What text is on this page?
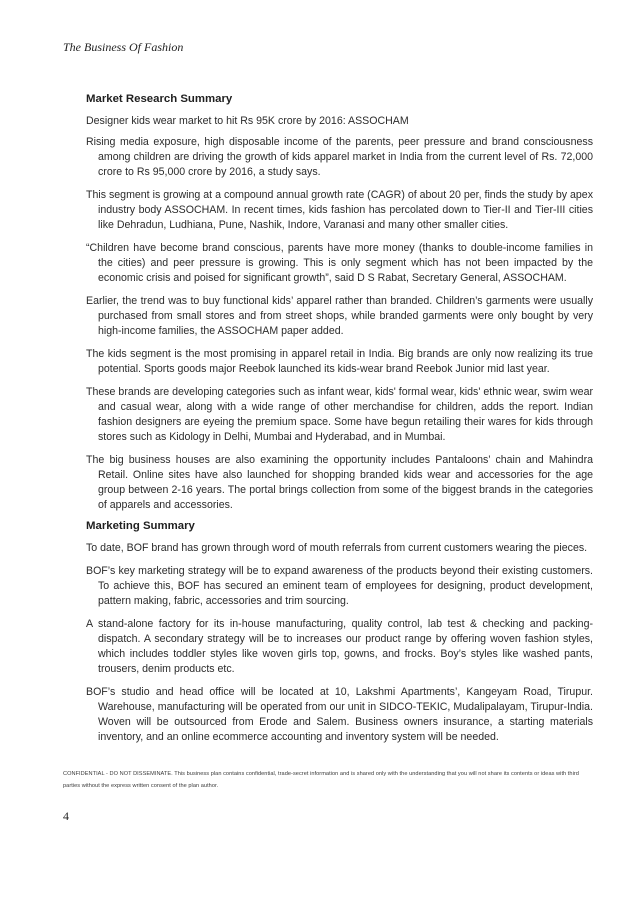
The Business Of Fashion
Market Research Summary

Designer kids wear market to hit Rs 95K crore by 2016: ASSOCHAM

Rising media exposure, high disposable income of the parents, peer pressure and brand consciousness among children are driving the growth of kids apparel market in India from the current level of Rs. 72,000 crore to Rs 95,000 crore by 2016, a study says.

This segment is growing at a compound annual growth rate (CAGR) of about 20 per, finds the study by apex industry body ASSOCHAM. In recent times, kids fashion has percolated down to Tier-II and Tier-III cities like Dehradun, Ludhiana, Pune, Nashik, Indore, Varanasi and many other smaller cities.

“Children have become brand conscious, parents have more money (thanks to double-income families in the cities) and peer pressure is growing. This is only segment which has not been impacted by the economic crisis and poised for significant growth”, said D S Rabat, Secretary General, ASSOCHAM.

Earlier, the trend was to buy functional kids’ apparel rather than branded. Children’s garments were usually purchased from small stores and from street shops, while branded garments were only bought by very high-income families, the ASSOCHAM paper added.

The kids segment is the most promising in apparel retail in India. Big brands are only now realizing its true potential. Sports goods major Reebok launched its kids-wear brand Reebok Junior mid last year.

These brands are developing categories such as infant wear, kids' formal wear, kids' ethnic wear, swim wear and casual wear, along with a wide range of other merchandise for children, adds the report. Indian fashion designers are eyeing the premium space. Some have begun retailing their wares for kids through stores such as Kidology in Delhi, Mumbai and Hyderabad, and in Mumbai.

The big business houses are also examining the opportunity includes Pantaloons’ chain and Mahindra Retail. Online sites have also launched for shopping branded kids wear and accessories for the age group between 2-16 years. The portal brings collection from some of the biggest brands in the categories of apparels and accessories.

Marketing Summary

To date, BOF brand has grown through word of mouth referrals from current customers wearing the pieces.

BOF’s key marketing strategy will be to expand awareness of the products beyond their existing customers. To achieve this, BOF has secured an eminent team of employees for designing, product development, pattern making, fabric, accessories and trim sourcing.

A stand-alone factory for its in-house manufacturing, quality control, lab test & checking and packing-dispatch. A secondary strategy will be to increases our product range by offering woven fashion styles, which includes toddler styles like woven girls top, gowns, and frocks. Boy’s styles like washed pants, trousers, denim products etc.

BOF’s studio and head office will be located at 10, Lakshmi Apartments’, Kangeyam Road, Tirupur. Warehouse, manufacturing will be operated from our unit in SIDCO-TEKIC, Mudalipalayam, Tirupur-India. Woven will be outsourced from Erode and Salem. Business owners insurance, a starting materials inventory, and an online ecommerce accounting and inventory system will be needed.

CONFIDENTIAL - DO NOT DISSEMINATE. This business plan contains confidential, trade-secret information and is shared only with the understanding that you will not share its contents or ideas with third parties without the express written consent of the plan author.
4
